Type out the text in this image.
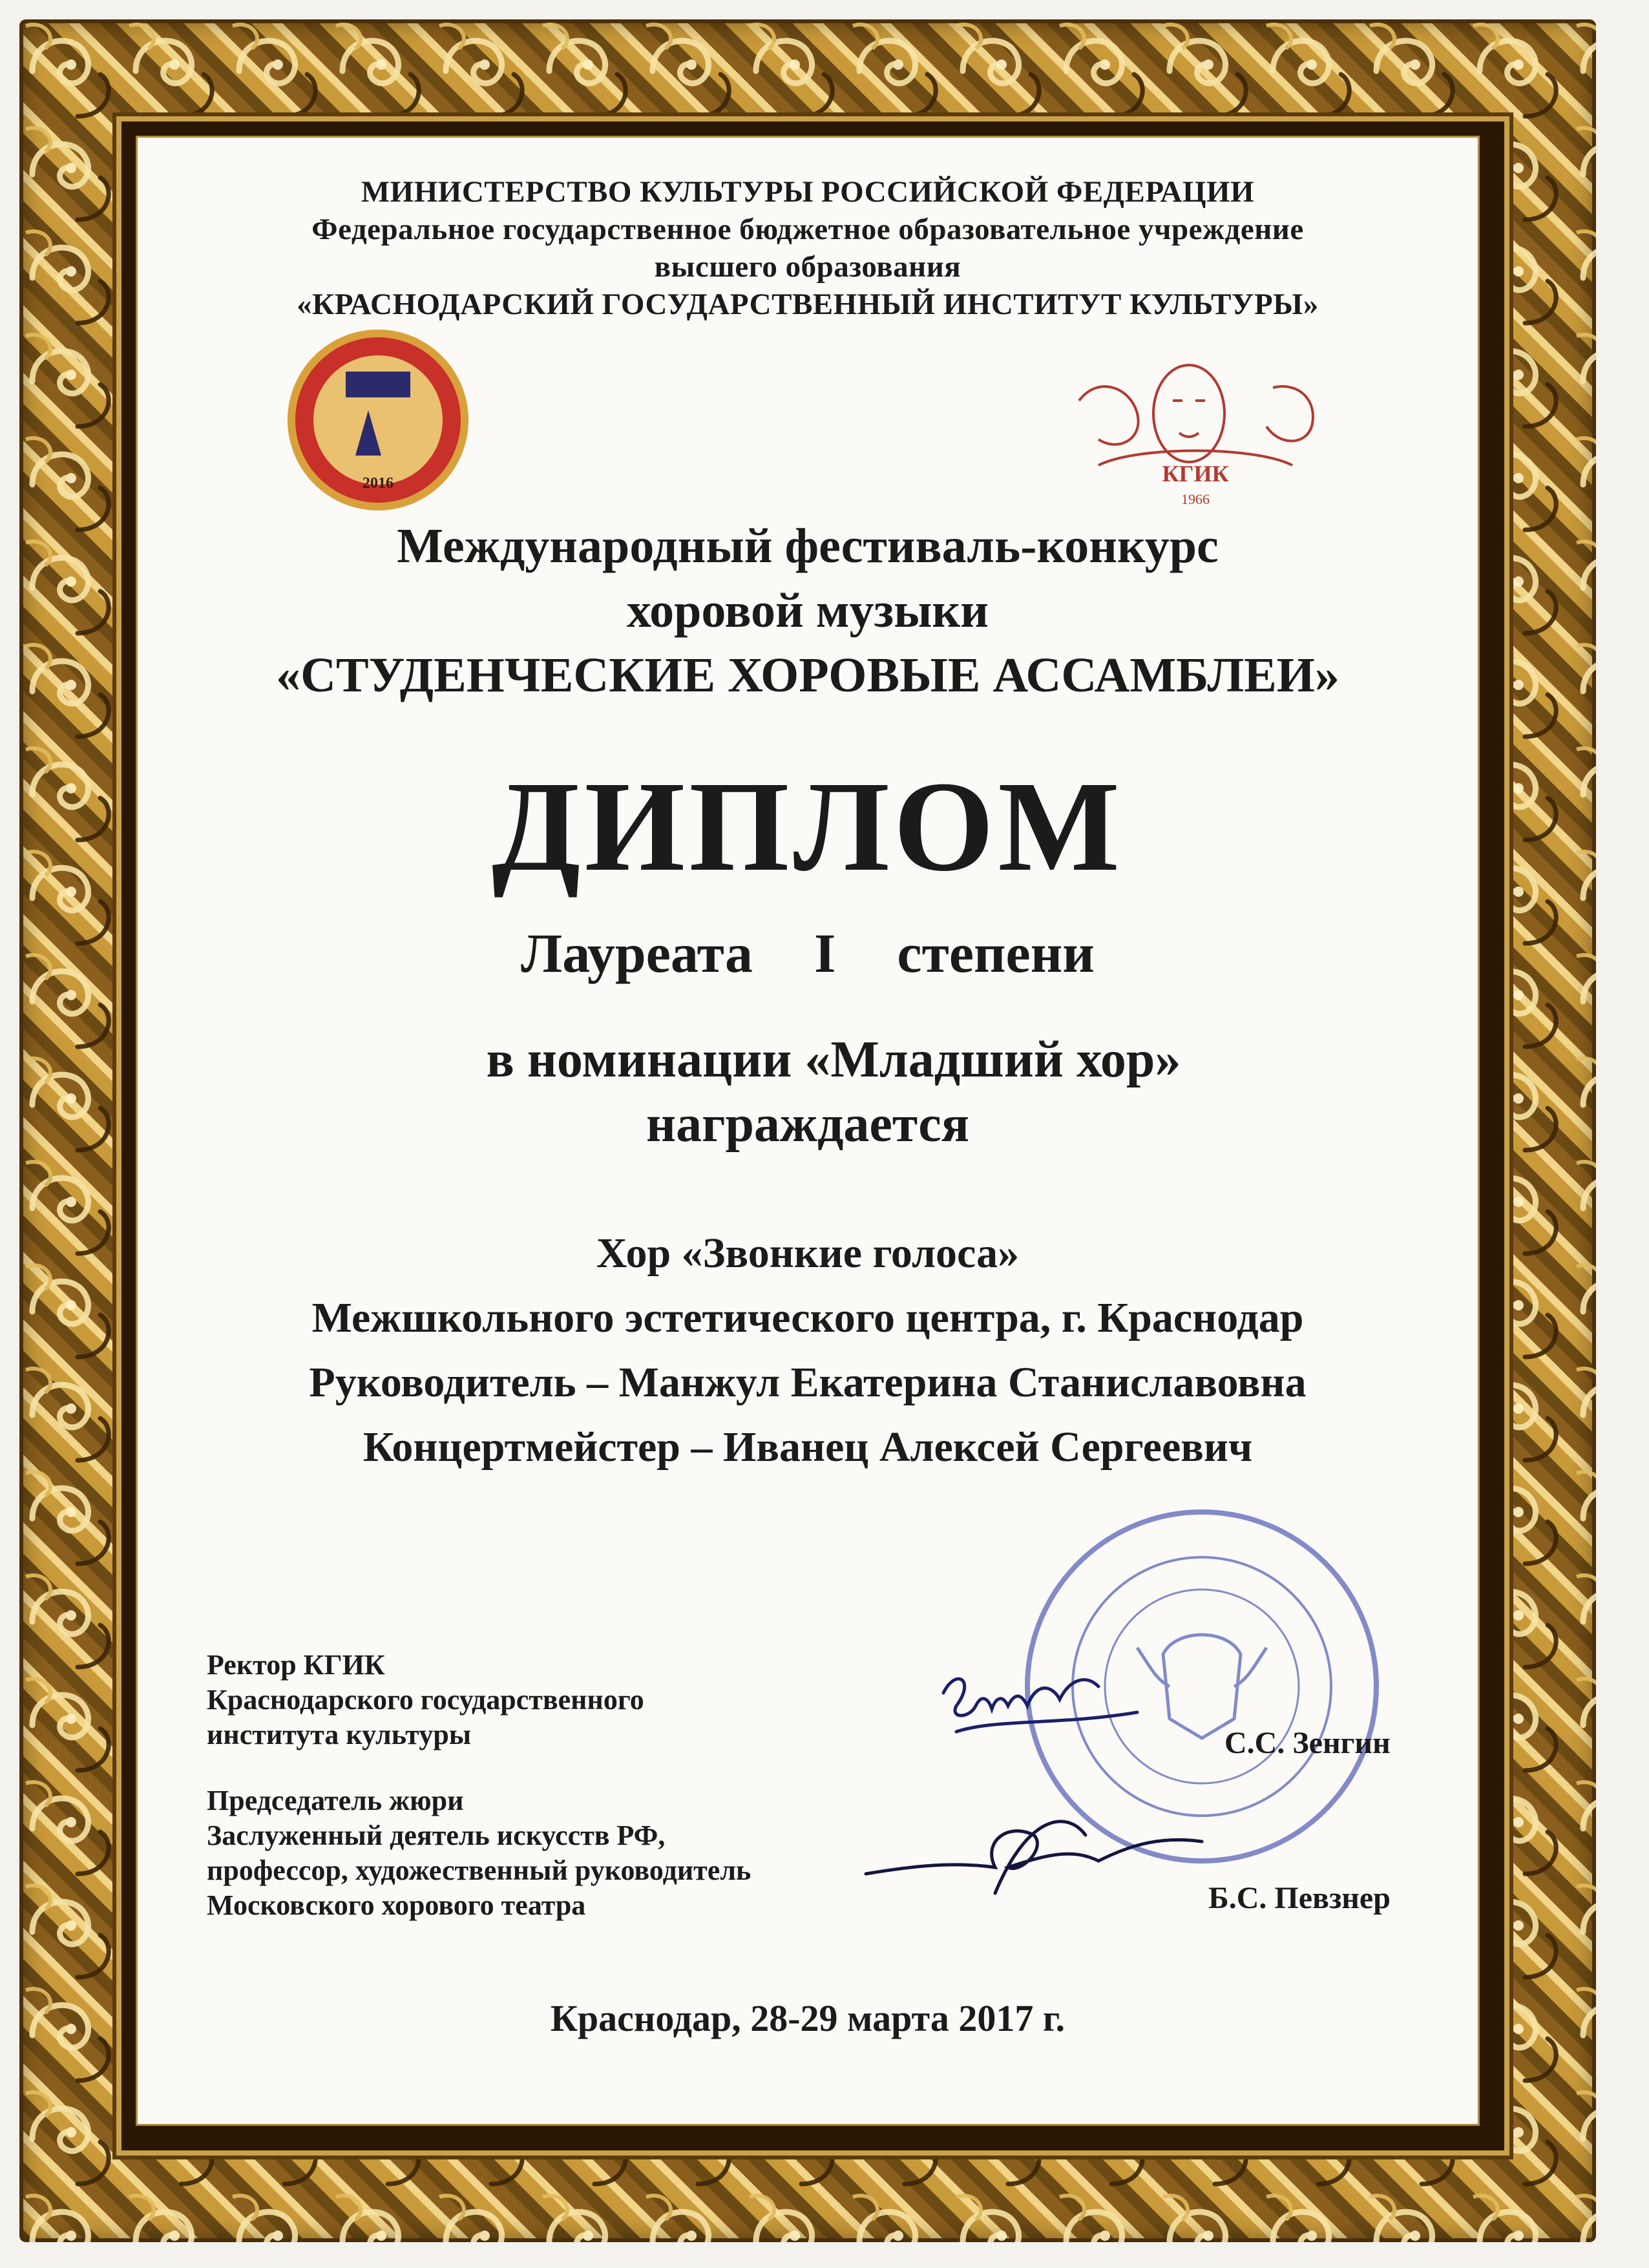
МИНИСТЕРСТВО КУЛЬТУРЫ РОССИЙСКОЙ ФЕДЕРАЦИИ
Федеральное государственное бюджетное образовательное учреждение
высшего образования
«КРАСНОДАРСКИЙ ГОСУДАРСТВЕННЫЙ ИНСТИТУТ КУЛЬТУРЫ»
2016	КГИК
1966
Международный фестиваль-конкурс
хоровой музыки
«СТУДЕНЧЕСКИЕ ХОРОВЫЕ АССАМБЛЕИ»
ДИПЛОМ
Лауреата  I  степени
в номинации «Младший хор»
награждается
Хор «Звонкие голоса»
Межшкольного эстетического центра, г. Краснодар
Руководитель – Манжул Екатерина Станиславовна
Концертмейстер – Иванец Алексей Сергеевич
Ректор КГИК
Краснодарского государственного
института культуры	С.С. Зенгин
Председатель жюри
Заслуженный деятель искусств РФ,
профессор, художественный руководитель
Московского хорового театра	Б.С. Певзнер
Краснодар, 28-29 марта 2017 г.
